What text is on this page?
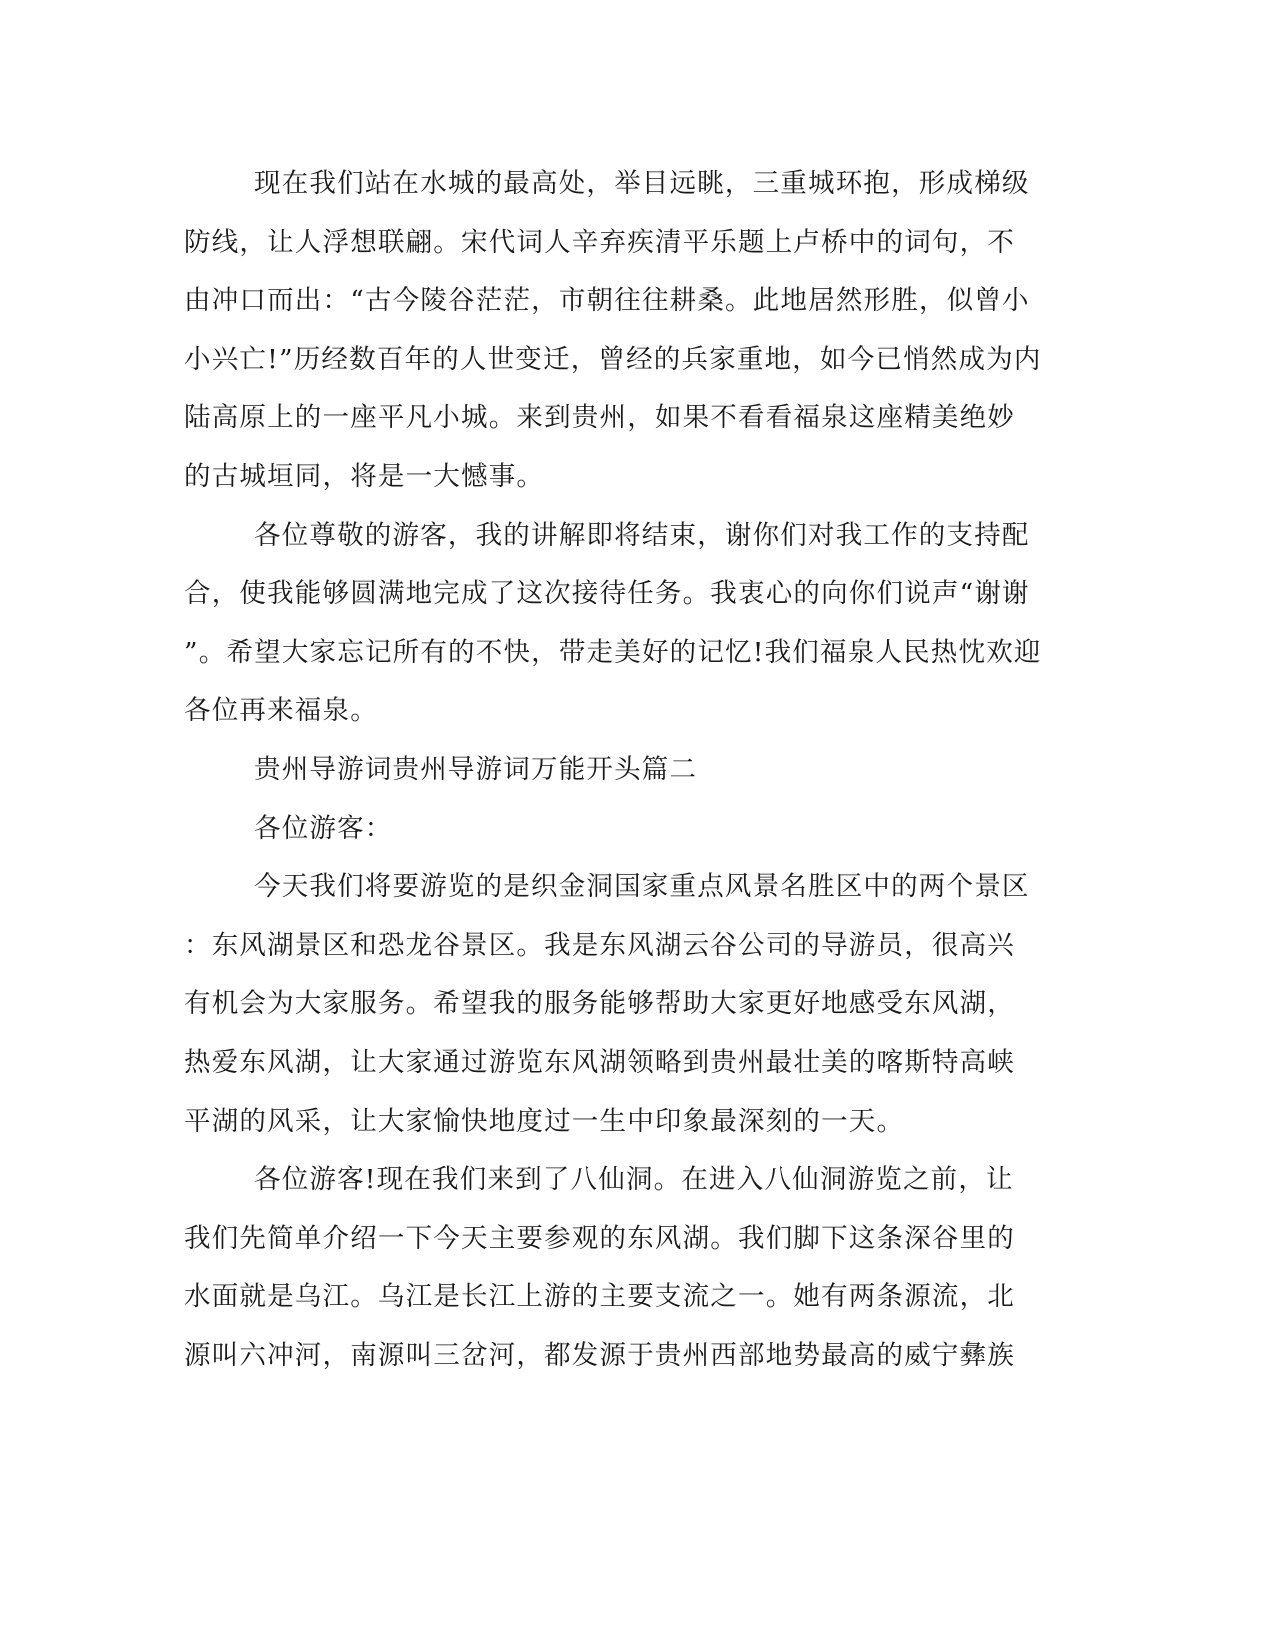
现在我们站在水城的最高处，举目远眺，三重城环抱，形成梯级
防线，让人浮想联翩。宋代词人辛弃疾清平乐题上卢桥中的词句，不
由冲口而出：“古今陵谷茫茫，市朝往往耕桑。此地居然形胜，似曾小
小兴亡!”历经数百年的人世变迁，曾经的兵家重地，如今已悄然成为内
陆高原上的一座平凡小城。来到贵州，如果不看看福泉这座精美绝妙
的古城垣同，将是一大憾事。
各位尊敬的游客，我的讲解即将结束，谢你们对我工作的支持配
合，使我能够圆满地完成了这次接待任务。我衷心的向你们说声“谢谢
”。希望大家忘记所有的不快，带走美好的记忆!我们福泉人民热忱欢迎
各位再来福泉。
贵州导游词贵州导游词万能开头篇二
各位游客：
今天我们将要游览的是织金洞国家重点风景名胜区中的两个景区
：东风湖景区和恐龙谷景区。我是东风湖云谷公司的导游员，很高兴
有机会为大家服务。希望我的服务能够帮助大家更好地感受东风湖，
热爱东风湖，让大家通过游览东风湖领略到贵州最壮美的喀斯特高峡
平湖的风采，让大家愉快地度过一生中印象最深刻的一天。
各位游客!现在我们来到了八仙洞。在进入八仙洞游览之前，让
我们先简单介绍一下今天主要参观的东风湖。我们脚下这条深谷里的
水面就是乌江。乌江是长江上游的主要支流之一。她有两条源流，北
源叫六冲河，南源叫三岔河，都发源于贵州西部地势最高的威宁彝族
